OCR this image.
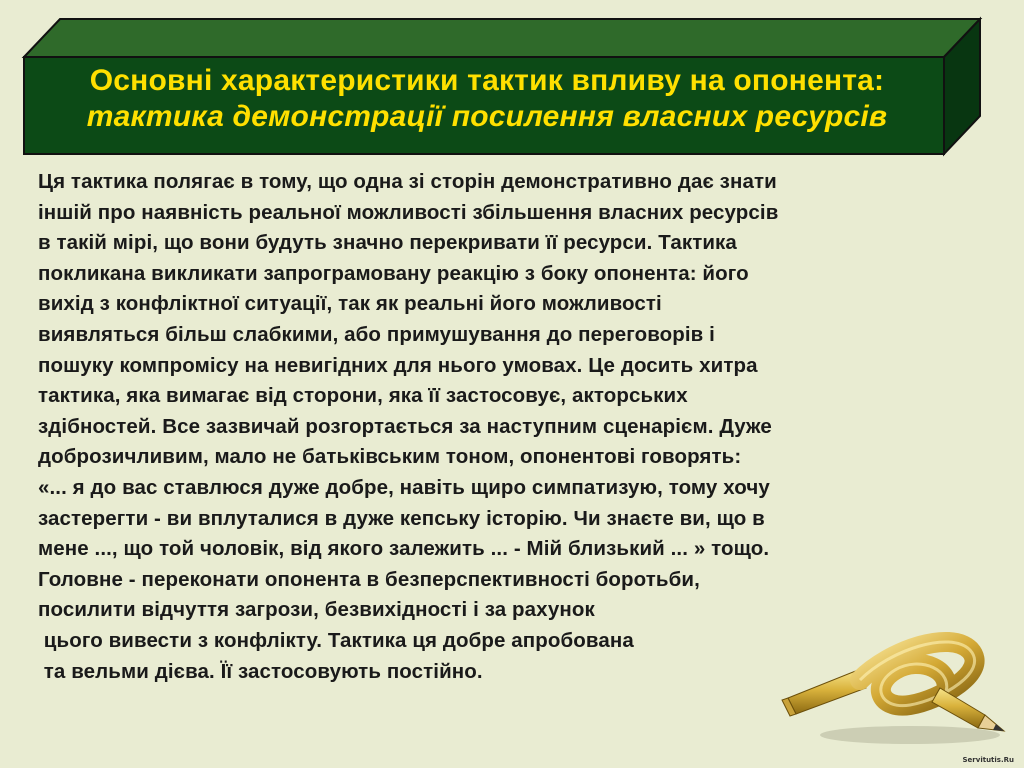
Основні характеристики тактик впливу на опонента:
тактика демонстрації посилення власних ресурсів
Ця тактика полягає в тому, що одна зі сторін демонстративно дає знати
іншій про наявність реальної можливості збільшення власних ресурсів
в такій мірі, що вони будуть значно перекривати її ресурси. Тактика
покликана викликати запрограмовану реакцію з боку опонента: його
вихід з конфліктної ситуації, так як реальні його можливості
виявляться більш слабкими, або примушування до переговорів і
пошуку компромісу на невигідних для нього умовах. Це досить хитра
тактика, яка вимагає від сторони, яка її застосовує, акторських
здібностей. Все зазвичай розгортається за наступним сценарієм. Дуже
доброзичливим, мало не батьківським тоном, опонентові говорять:
«... я до вас ставлюся дуже добре, навіть щиро симпатизую, тому хочу
застерегти - ви вплуталися в дуже кепську історію. Чи знаєте ви, що в
мене ..., що той чоловік, від якого залежить ... - Мій близький ... » тощо.
Головне - переконати опонента в безперспективності боротьби,
посилити відчуття загрози, безвихідності і за рахунок
цього вивести з конфлікту. Тактика ця добре апробована
та вельми дієва. Її застосовують постійно.
Servitutis.Ru
